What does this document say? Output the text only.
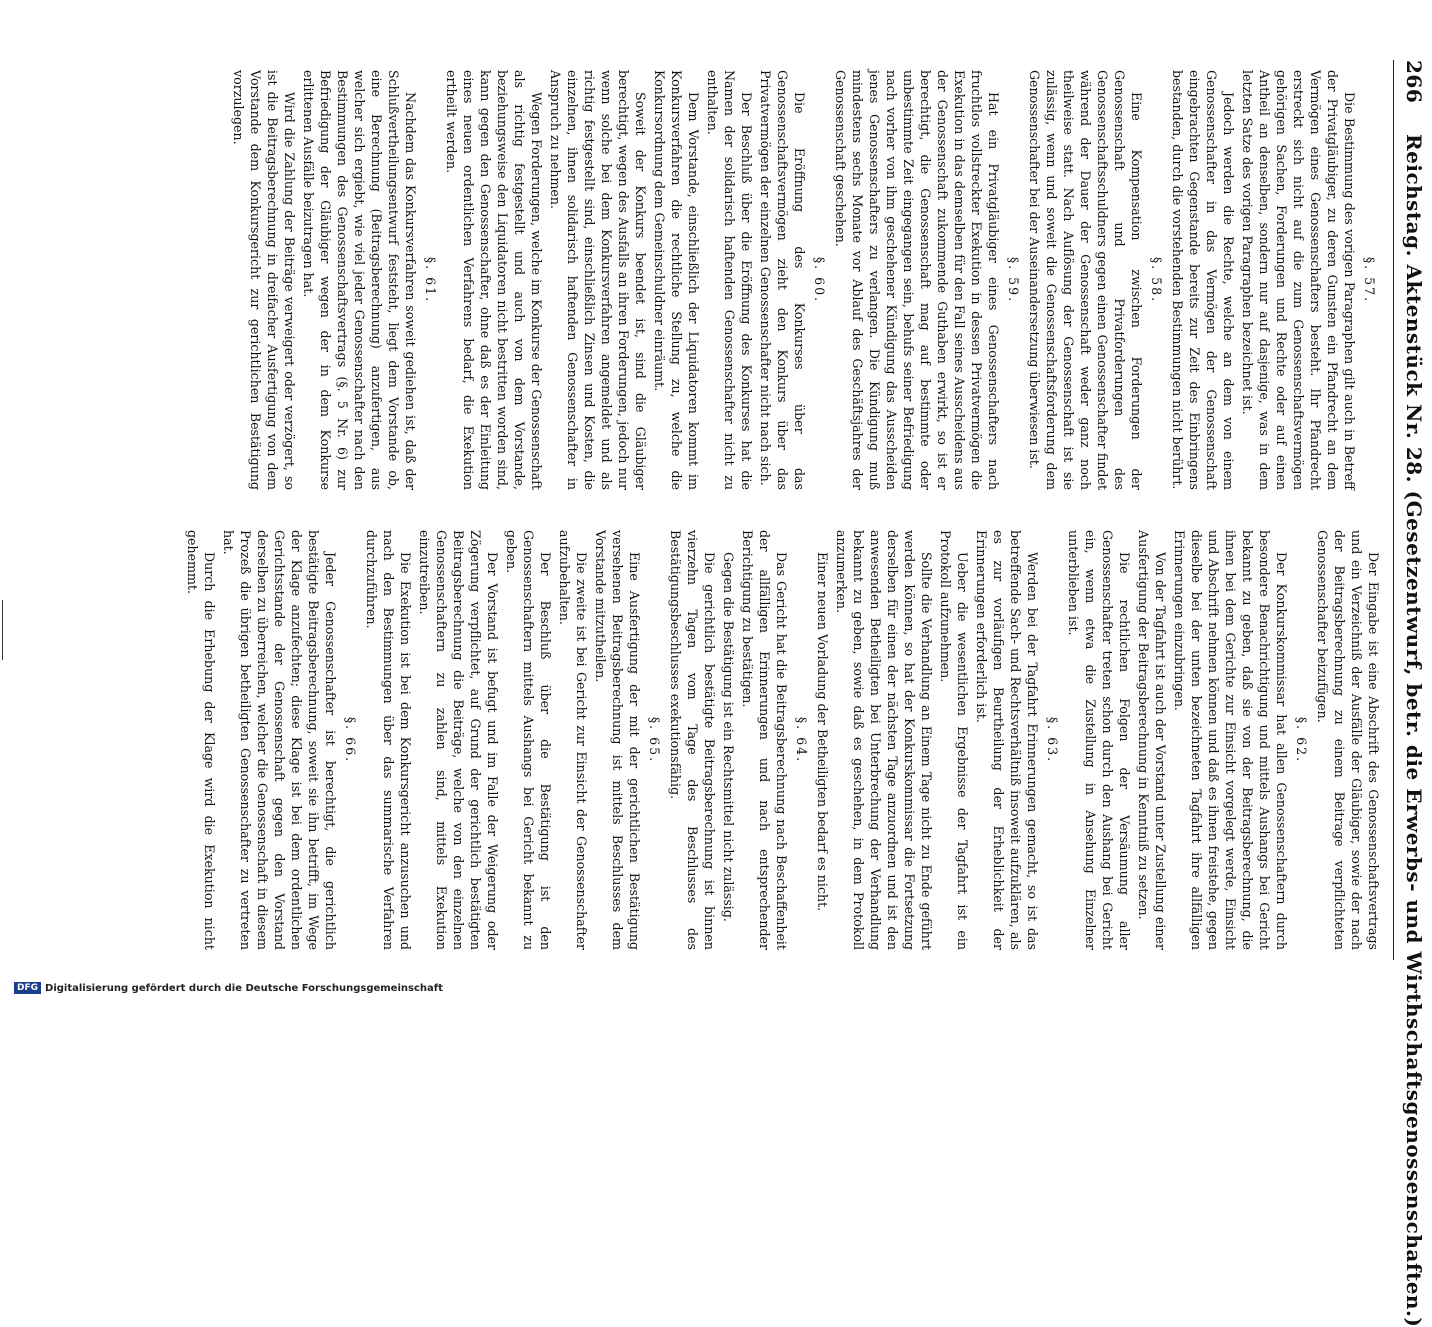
266
Reichstag. Aktenstück Nr. 28. (Gesetzentwurf, betr. die Erwerbs- und Wirthschaftsgenossenschaften.)
§. 57.

Die Bestimmung des vorigen Paragraphen gilt auch in Betreff der Privatgläubiger, zu deren Gunsten ein Pfandrecht an dem Vermögen eines Genossenschafters besteht. Ihr Pfandrecht erstreckt sich nicht auf die zum Genossenschaftsvermögen gehörigen Sachen, Forderungen und Rechte oder auf einen Antheil an denselben, sondern nur auf dasjenige, was in dem letzten Satze des vorigen Paragraphen bezeichnet ist.

Jedoch werden die Rechte, welche an dem von einem Genossenschafter in das Vermögen der Genossenschaft eingebrachten Gegenstande bereits zur Zeit des Einbringens bestanden, durch die vorstehenden Bestimmungen nicht berührt.

§. 58.

Eine Kompensation zwischen Forderungen der Genossenschaft und Privatforderungen des Genossenschaftsschuldners gegen einen Genossenschafter findet während der Dauer der Genossenschaft weder ganz noch theilweise statt. Nach Auflösung der Genossenschaft ist sie zulässig, wenn und soweit die Genossenschaftsforderung dem Genossenschafter bei der Auseinandersetzung überwiesen ist.

§. 59.

Hat ein Privatgläubiger eines Genossenschafters nach fruchtlos vollstreckter Exekution in dessen Privatvermögen die Exekution in das demselben für den Fall seines Ausscheidens aus der Genossenschaft zukommende Guthaben erwirkt, so ist er berechtigt, die Genossenschaft mag auf bestimmte oder unbestimmte Zeit eingegangen sein, behufs seiner Befriedigung nach vorher von ihm geschehener Kündigung das Ausscheiden jenes Genossenschafters zu verlangen. Die Kündigung muß mindestens sechs Monate vor Ablauf des Geschäftsjahres der Genossenschaft geschehen.

§. 60.

Die Eröffnung des Konkurses über das Genossenschaftsvermögen zieht den Konkurs über das Privatvermögen der einzelnen Genossenschafter nicht nach sich.

Der Beschluß über die Eröffnung des Konkurses hat die Namen der solidarisch haftenden Genossenschafter nicht zu enthalten.

Dem Vorstande, einschließlich der Liquidatoren kommt im Konkursverfahren die rechtliche Stellung zu, welche die Konkursordnung dem Gemeinschuldner einräumt.

Soweit der Konkurs beendet ist, sind die Gläubiger berechtigt, wegen des Ausfalls an ihren Forderungen, jedoch nur wenn solche bei dem Konkursverfahren angemeldet und als richtig festgestellt sind, einschließlich Zinsen und Kosten, die einzelnen, ihnen solidarisch haftenden Genossenschafter in Anspruch zu nehmen.

Wegen Forderungen, welche im Konkurse der Genossenschaft als richtig festgestellt und auch von dem Vorstande, beziehungsweise den Liquidatoren nicht bestritten worden sind, kann gegen den Genossenschafter, ohne daß es der Einleitung eines neuen ordentlichen Verfahrens bedarf, die Exekution ertheilt werden.

§. 61.

Nachdem das Konkursverfahren soweit gediehen ist, daß der Schlußvertheilungsentwurf feststeht, liegt dem Vorstande ob, eine Berechnung (Beitragsberechnung) anzufertigen, aus welcher sich ergiebt, wie viel jeder Genossenschafter nach den Bestimmungen des Genossenschaftsvertrags (§. 5 Nr. 6) zur Befriedigung der Gläubiger wegen der in dem Konkurse erlittenen Ausfälle beizutragen hat.

Wird die Zahlung der Beiträge verweigert oder verzögert, so ist die Beitragsberechnung in dreifacher Ausfertigung von dem Vorstande dem Konkursgericht zur gerichtlichen Bestätigung vorzulegen.

Der Eingabe ist eine Abschrift des Genossenschaftsvertrags und ein Verzeichniß der Ausfälle der Gläubiger, sowie der nach der Beitragsberechnung zu einem Beitrage verpflichteten Genossenschafter beizufügen.

§. 62.

Der Konkurskommissar hat allen Genossenschaftern durch besondere Benachrichtigung und mittels Aushangs bei Gericht bekannt zu geben, daß sie von der Beitragsberechnung, die ihnen bei dem Gerichte zur Einsicht vorgelegt werde, Einsicht und Abschrift nehmen können und daß es ihnen freistehe, gegen dieselbe bei der unten bezeichneten Tagfahrt ihre allfälligen Erinnerungen einzubringen.

Von der Tagfahrt ist auch der Vorstand unter Zustellung einer Ausfertigung der Beitragsberechnung in Kenntniß zu setzen.

Die rechtlichen Folgen der Versäumung aller Genossenschafter treten schon durch den Aushang bei Gericht ein, wenn etwa die Zustellung in Ansehung Einzelner unterblieben ist.

§. 63.

Werden bei der Tagfahrt Erinnerungen gemacht, so ist das betreffende Sach- und Rechtsverhältniß insoweit aufzuklären, als es zur vorläufigen Beurtheilung der Erheblichkeit der Erinnerungen erforderlich ist.

Ueber die wesentlichen Ergebnisse der Tagfahrt ist ein Protokoll aufzunehmen.

Sollte die Verhandlung an Einem Tage nicht zu Ende geführt werden können, so hat der Konkurskommissar die Fortsetzung derselben für einen der nächsten Tage anzuordnen und ist den anwesenden Betheiligten bei Unterbrechung der Verhandlung bekannt zu geben, sowie daß es geschehen, in dem Protokoll anzumerken.

Einer neuen Vorladung der Betheiligten bedarf es nicht.

§. 64.

Das Gericht hat die Beitragsberechnung nach Beschaffenheit der allfälligen Erinnerungen und nach entsprechender Berichtigung zu bestätigen.

Gegen die Bestätigung ist ein Rechtsmittel nicht zulässig.

Die gerichtlich bestätigte Beitragsberechnung ist binnen vierzehn Tagen vom Tage des Beschlusses des Bestätigungsbeschlusses exekutionsfähig.

§. 65.

Eine Ausfertigung der mit der gerichtlichen Bestätigung versehenen Beitragsberechnung ist mittels Beschlusses dem Vorstande mitzutheilen.

Die zweite ist bei Gericht zur Einsicht der Genossenschafter aufzubehalten.

Der Beschluß über die Bestätigung ist den Genossenschaftern mittels Aushangs bei Gericht bekannt zu geben.

Der Vorstand ist befugt und im Falle der Weigerung oder Zögerung verpflichtet, auf Grund der gerichtlich bestätigten Beitragsberechnung die Beiträge, welche von den einzelnen Genossenschaftern zu zahlen sind, mittels Exekution einzutreiben.

Die Exekution ist bei dem Konkursgericht anzusuchen und nach den Bestimmungen über das summarische Verfahren durchzuführen.

§. 66.

Jeder Genossenschafter ist berechtigt, die gerichtlich bestätigte Beitragsberechnung, soweit sie ihn betrifft, im Wege der Klage anzufechten; diese Klage ist bei dem ordentlichen Gerichtsstande der Genossenschaft gegen den Vorstand derselben zu überreichen, welcher die Genossenschaft in diesem Prozeß die übrigen betheiligten Genossenschafter zu vertreten hat.

Durch die Erhebung der Klage wird die Exekution nicht gehemmt.

DFG Digitalisierung gefördert durch die Deutsche Forschungsgemeinschaft
